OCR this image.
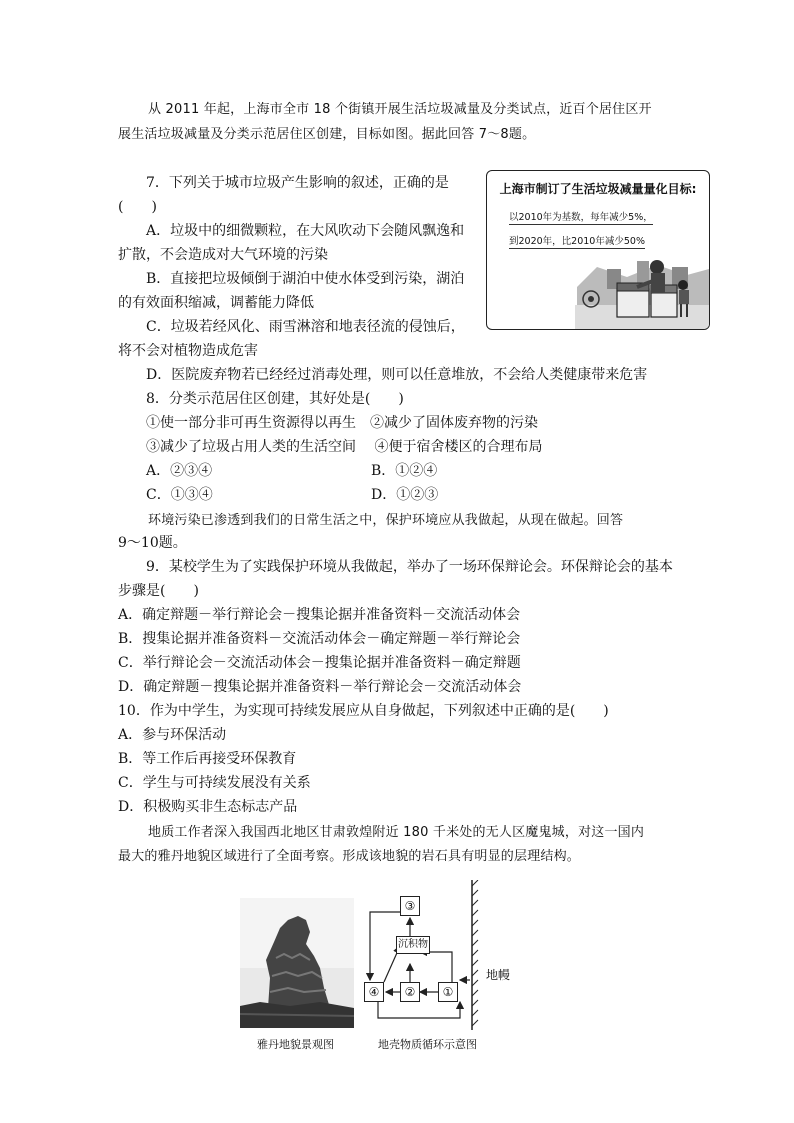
从 2011 年起，上海市全市 18 个街镇开展生活垃圾减量及分类试点，近百个居住区开
展生活垃圾减量及分类示范居住区创建，目标如图。据此回答 7～8题。
7．下列关于城市垃圾产生影响的叙述，正确的是
(　　)
A．垃圾中的细微颗粒，在大风吹动下会随风飘逸和
扩散，不会造成对大气环境的污染
B．直接把垃圾倾倒于湖泊中使水体受到污染，湖泊
的有效面积缩减，调蓄能力降低
C．垃圾若经风化、雨雪淋溶和地表径流的侵蚀后，
将不会对植物造成危害
D．医院废弃物若已经经过消毒处理，则可以任意堆放，不会给人类健康带来危害
上海市制订了生活垃圾减量量化目标:
以2010年为基数，每年减少5%，
到2020年，比2010年减少50%
8．分类示范居住区创建，其好处是(　　)
①使一部分非可再生资源得以再生　②减少了固体废弃物的污染
③减少了垃圾占用人类的生活空间　 ④便于宿舍楼区的合理布局
A．②③④	B．①②④
C．①③④	D．①②③
环境污染已渗透到我们的日常生活之中，保护环境应从我做起，从现在做起。回答
9～10题。
9．某校学生为了实践保护环境从我做起，举办了一场环保辩论会。环保辩论会的基本
步骤是(　　)
A．确定辩题－举行辩论会－搜集论据并准备资料－交流活动体会
B．搜集论据并准备资料－交流活动体会－确定辩题－举行辩论会
C．举行辩论会－交流活动体会－搜集论据并准备资料－确定辩题
D．确定辩题－搜集论据并准备资料－举行辩论会－交流活动体会
10．作为中学生，为实现可持续发展应从自身做起，下列叙述中正确的是(　　)
A．参与环保活动
B．等工作后再接受环保教育
C．学生与可持续发展没有关系
D．积极购买非生态标志产品
地质工作者深入我国西北地区甘肃敦煌附近 180 千米处的无人区魔鬼城，对这一国内
最大的雅丹地貌区域进行了全面考察。形成该地貌的岩石具有明显的层理结构。
雅丹地貌景观图
③
沉积物
④	②	①
地幔
地壳物质循环示意图
